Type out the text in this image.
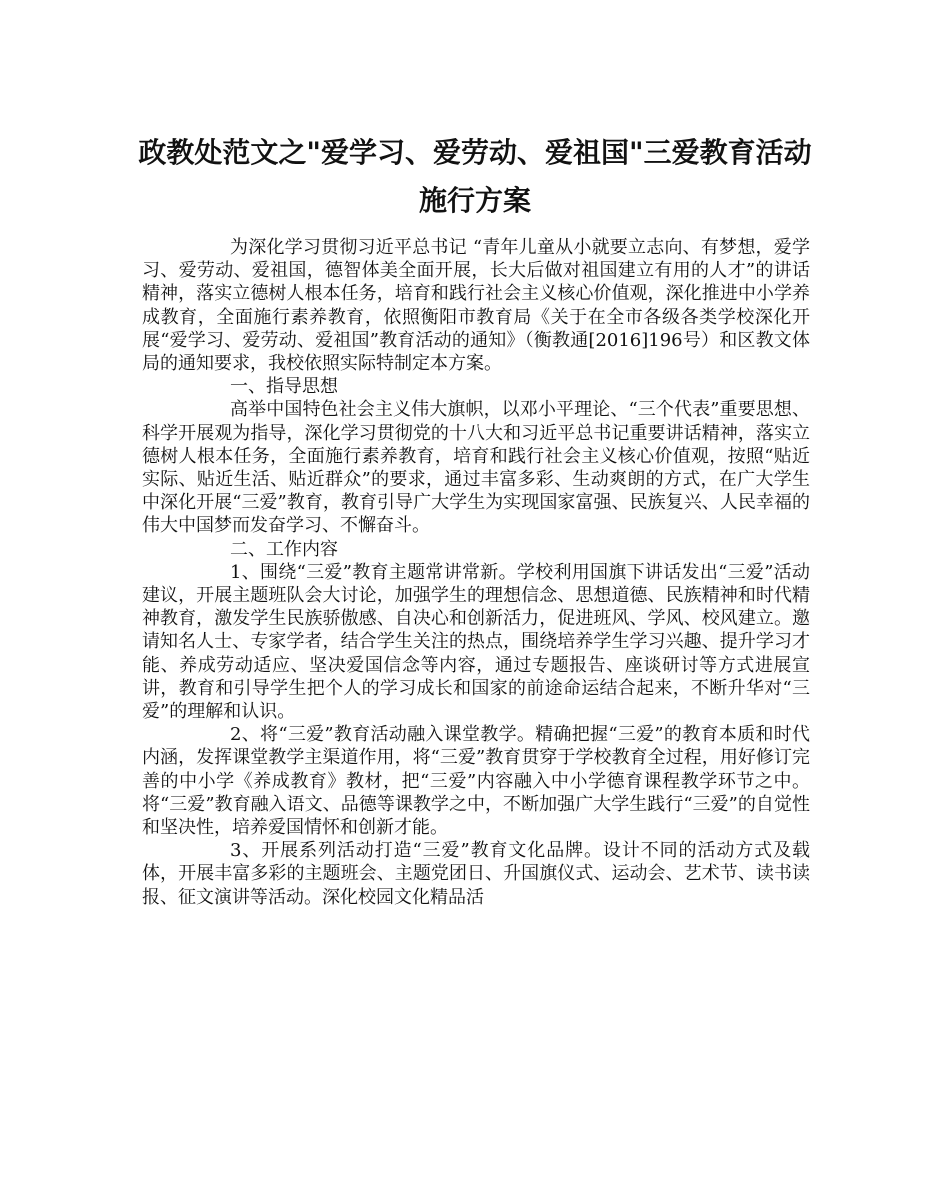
政教处范文之"爱学习、爱劳动、爱祖国"三爱教育活动
施行方案

为深化学习贯彻习近平总书记 “青年儿童从小就要立志向、有梦想，爱学习、爱劳动、爱祖国，德智体美全面开展，长大后做对祖国建立有用的人才”的讲话精神，落实立德树人根本任务，培育和践行社会主义核心价值观，深化推进中小学养成教育，全面施行素养教育，依照衡阳市教育局《关于在全市各级各类学校深化开展“爱学习、爱劳动、爱祖国”教育活动的通知》（衡教通[2016]196号）和区教文体局的通知要求，我校依照实际特制定本方案。

一、指导思想

高举中国特色社会主义伟大旗帜，以邓小平理论、“三个代表”重要思想、科学开展观为指导，深化学习贯彻党的十八大和习近平总书记重要讲话精神，落实立德树人根本任务，全面施行素养教育，培育和践行社会主义核心价值观，按照“贴近实际、贴近生活、贴近群众”的要求，通过丰富多彩、生动爽朗的方式，在广大学生中深化开展“三爱”教育，教育引导广大学生为实现国家富强、民族复兴、人民幸福的伟大中国梦而发奋学习、不懈奋斗。

二、工作内容

1、围绕“三爱”教育主题常讲常新。学校利用国旗下讲话发出“三爱”活动建议，开展主题班队会大讨论，加强学生的理想信念、思想道德、民族精神和时代精神教育，激发学生民族骄傲感、自决心和创新活力，促进班风、学风、校风建立。邀请知名人士、专家学者，结合学生关注的热点，围绕培养学生学习兴趣、提升学习才能、养成劳动适应、坚决爱国信念等内容，通过专题报告、座谈研讨等方式进展宣讲，教育和引导学生把个人的学习成长和国家的前途命运结合起来，不断升华对“三爱”的理解和认识。

2、将“三爱”教育活动融入课堂教学。精确把握“三爱”的教育本质和时代内涵，发挥课堂教学主渠道作用，将“三爱”教育贯穿于学校教育全过程，用好修订完善的中小学《养成教育》教材，把“三爱”内容融入中小学德育课程教学环节之中。将“三爱”教育融入语文、品德等课教学之中，不断加强广大学生践行“三爱”的自觉性和坚决性，培养爱国情怀和创新才能。

3、开展系列活动打造“三爱”教育文化品牌。设计不同的活动方式及载体，开展丰富多彩的主题班会、主题党团日、升国旗仪式、运动会、艺术节、读书读报、征文演讲等活动。深化校园文化精品活
